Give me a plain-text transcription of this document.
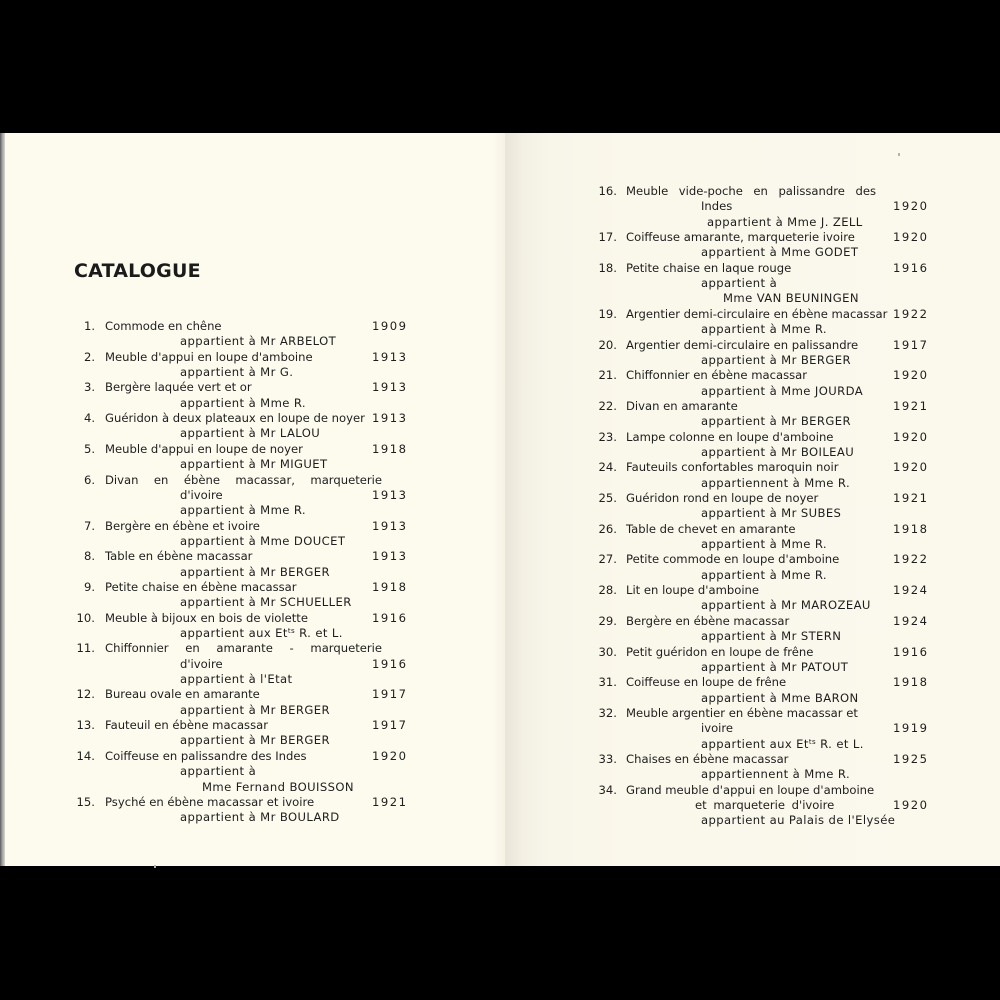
CATALOGUE
1. Commode en chêne	1909
appartient à Mr ARBELOT
2. Meuble d'appui en loupe d'amboine	1913
appartient à Mr G.
3. Bergère laquée vert et or	1913
appartient à Mme R.
4. Guéridon à deux plateaux en loupe de noyer 1913
appartient à Mr LALOU
5. Meuble d'appui en loupe de noyer	1918
appartient à Mr MIGUET
6. Divan en ébène macassar, marqueterie
d'ivoire	1913
appartient à Mme R.
7. Bergère en ébène et ivoire	1913
appartient à Mme DOUCET
8. Table en ébène macassar	1913
appartient à Mr BERGER
9. Petite chaise en ébène macassar	1918
appartient à Mr SCHUELLER
10. Meuble à bijoux en bois de violette	1916
appartient aux $Et^{ts}$ R. et L.
11. Chiffonnier en amarante - marqueterie
d'ivoire	1916
appartient à l'Etat
12. Bureau ovale en amarante	1917
appartient à Mr BERGER
13. Fauteuil en ébène macassar	1917
appartient à Mr BERGER
14. Coiffeuse en palissandre des Indes	1920
appartient à
Mme Fernand BOUISSON
15. Psyché en ébène macassar et ivoire	1921
appartient à Mr BOULARD
16. Meuble vide-poche en palissandre des
Indes	1920
appartient à Mme J. ZELL
17. Coiffeuse amarante, marqueterie ivoire	1920
appartient à Mme GODET
18. Petite chaise en laque rouge	1916
appartient à
Mme VAN BEUNINGEN
19. Argentier demi-circulaire en ébène macassar 1922
appartient à Mme R.
20. Argentier demi-circulaire en palissandre	1917
appartient à Mr BERGER
21. Chiffonnier en ébène macassar	1920
appartient à Mme JOURDA
22. Divan en amarante	1921
appartient à Mr BERGER
23. Lampe colonne en loupe d'amboine	1920
appartient à Mr BOILEAU
24. Fauteuils confortables maroquin noir	1920
appartiennent à Mme R.
25. Guéridon rond en loupe de noyer	1921
appartient à Mr SUBES
26. Table de chevet en amarante	1918
appartient à Mme R.
27. Petite commode en loupe d'amboine	1922
appartient à Mme R.
28. Lit en loupe d'amboine	1924
appartient à Mr MAROZEAU
29. Bergère en ébène macassar	1924
appartient à Mr STERN
30. Petit guéridon en loupe de frêne	1916
appartient à Mr PATOUT
31. Coiffeuse en loupe de frêne	1918
appartient à Mme BARON
32. Meuble argentier en ébène macassar et
ivoire	1919
appartient aux $Et^{ts}$ R. et L.
33. Chaises en ébène macassar	1925
appartiennent à Mme R.
34. Grand meuble d'appui en loupe d'amboine
et marqueterie d'ivoire	1920
appartient au Palais de l'Elysée
